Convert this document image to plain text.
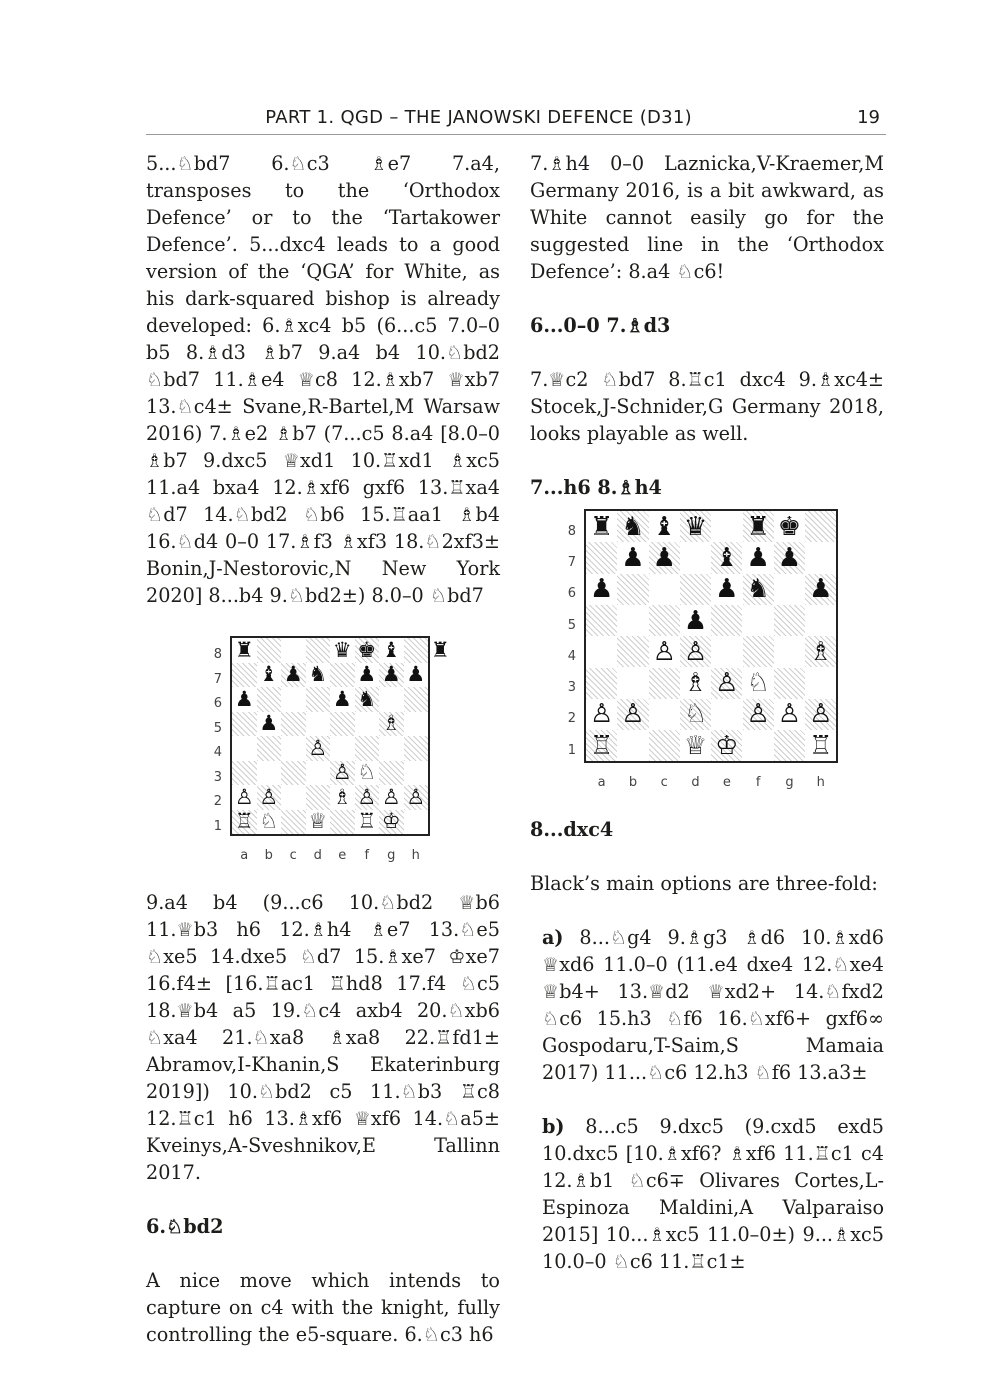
PART 1. QGD – THE JANOWSKI DEFENCE (D31)	19

5...♘bd7 6.♘c3 ♗e7 7.a4, transposes to the ‘Orthodox Defence’ or to the ‘Tartakower Defence’. 5...dxc4 leads to a good version of the ‘QGA’ for White, as his dark-squared bishop is already developed: 6.♗xc4 b5 (6...c5 7.0–0 b5 8.♗d3 ♗b7 9.a4 b4 10.♘bd2 ♘bd7 11.♗e4 ♕c8 12.♗xb7 ♕xb7 13.♘c4± Svane,R-Bartel,M Warsaw 2016) 7.♗e2 ♗b7 (7...c5 8.a4 [8.0–0 ♗b7 9.dxc5 ♕xd1 10.♖xd1 ♗xc5 11.a4 bxa4 12.♗xf6 gxf6 13.♖xa4 ♘d7 14.♘bd2 ♘b6 15.♖aa1 ♗b4 16.♘d4 0–0 17.♗f3 ♗xf3 18.♘2xf3± Bonin,J-Nestorovic,N New York 2020] 8...b4 9.♘bd2±) 8.0–0 ♘bd7

♜	♛ ♚ ♝ ♜
♝ ♟ ♞ ♟ ♟ ♟
♟	♟ ♞
♟	♗
♙
♙ ♘
♙ ♙	♗ ♙ ♙ ♙
♖ ♘ ♕ ♖ ♔
8
7
6
5
4
3
2
1
a	b	c	d	e	f	g	h

9.a4 b4 (9...c6 10.♘bd2 ♕b6 11.♕b3 h6 12.♗h4 ♗e7 13.♘e5 ♘xe5 14.dxe5 ♘d7 15.♗xe7 ♔xe7 16.f4± [16.♖ac1 ♖hd8 17.f4 ♘c5 18.♕b4 a5 19.♘c4 axb4 20.♘xb6 ♘xa4 21.♘xa8 ♗xa8 22.♖fd1± Abramov,I-Khanin,S Ekaterinburg 2019]) 10.♘bd2 c5 11.♘b3 ♖c8 12.♖c1 h6 13.♗xf6 ♕xf6 14.♘a5± Kveinys,A-Sveshnikov,E Tallinn 2017.

6.♘bd2

A nice move which intends to capture on c4 with the knight, fully controlling the e5-square. 6.♘c3 h6

7.♗h4 0–0 Laznicka,V-Kraemer,M Germany 2016, is a bit awkward, as White cannot easily go for the suggested line in the ‘Orthodox Defence’: 8.a4 ♘c6!

6...0–0 7.♗d3

7.♕c2 ♘bd7 8.♖c1 dxc4 9.♗xc4± Stocek,J-Schnider,G Germany 2018, looks playable as well.

7...h6 8.♗h4

♜ ♞ ♝ ♛ ♜ ♚
♟ ♟ ♝ ♟ ♟
♟	♟ ♞ ♟
♟
♙ ♙	♗
♗ ♙ ♘
♙ ♙ ♘ ♙ ♙ ♙
♖	♕ ♔	♖
8
7
6
5
4
3
2
1
a	b	c	d	e	f	g	h

8...dxc4

Black’s main options are three-fold:

a) 8...♘g4 9.♗g3 ♗d6 10.♗xd6 ♕xd6 11.0–0 (11.e4 dxe4 12.♘xe4 ♕b4+ 13.♕d2 ♕xd2+ 14.♘fxd2 ♘c6 15.h3 ♘f6 16.♘xf6+ gxf6∞ Gospodaru,T-Saim,S Mamaia 2017) 11...♘c6 12.h3 ♘f6 13.a3±

b) 8...c5 9.dxc5 (9.cxd5 exd5 10.dxc5 [10.♗xf6? ♗xf6 11.♖c1 c4 12.♗b1 ♘c6∓ Olivares Cortes,L-Espinoza Maldini,A Valparaiso 2015] 10...♗xc5 11.0–0±) 9...♗xc5 10.0–0 ♘c6 11.♖c1±
